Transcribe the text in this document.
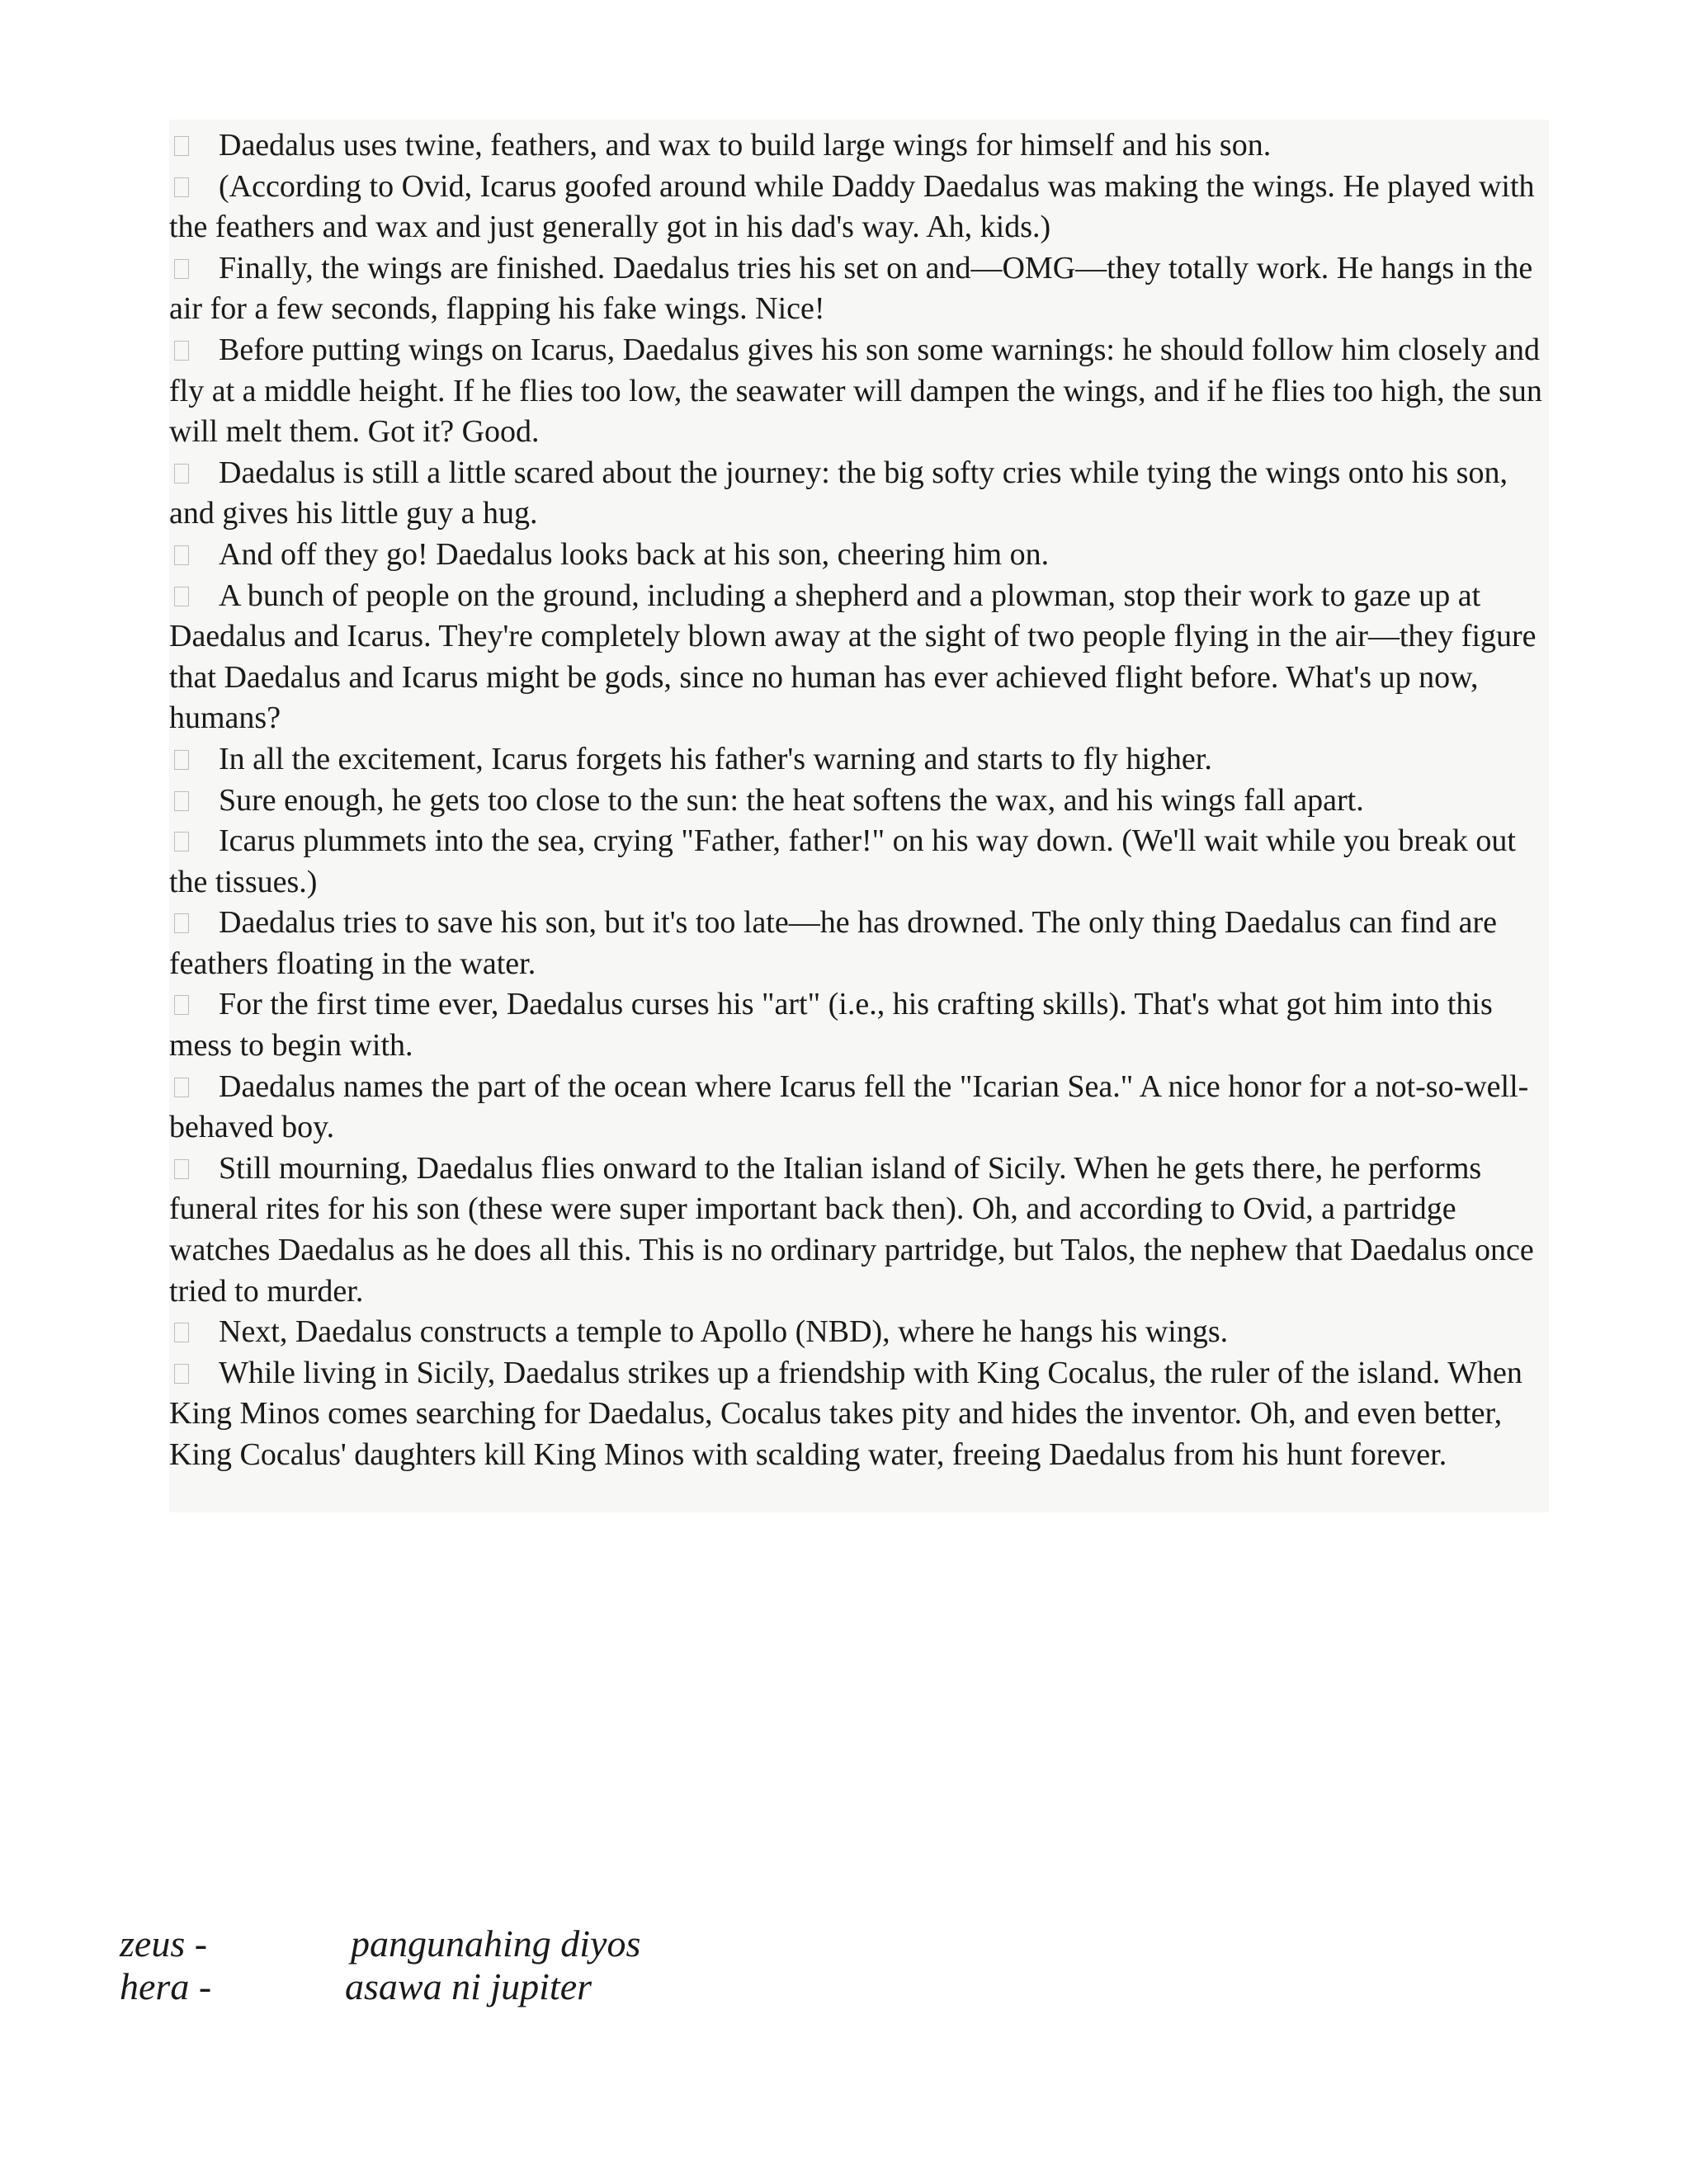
Daedalus uses twine, feathers, and wax to build large wings for himself and his son.
(According to Ovid, Icarus goofed around while Daddy Daedalus was making the wings. He played with the feathers and wax and just generally got in his dad's way. Ah, kids.)
Finally, the wings are finished. Daedalus tries his set on and—OMG—they totally work. He hangs in the air for a few seconds, flapping his fake wings. Nice!
Before putting wings on Icarus, Daedalus gives his son some warnings: he should follow him closely and fly at a middle height. If he flies too low, the seawater will dampen the wings, and if he flies too high, the sun will melt them. Got it? Good.
Daedalus is still a little scared about the journey: the big softy cries while tying the wings onto his son, and gives his little guy a hug.
And off they go! Daedalus looks back at his son, cheering him on.
A bunch of people on the ground, including a shepherd and a plowman, stop their work to gaze up at Daedalus and Icarus. They're completely blown away at the sight of two people flying in the air—they figure that Daedalus and Icarus might be gods, since no human has ever achieved flight before. What's up now, humans?
In all the excitement, Icarus forgets his father's warning and starts to fly higher.
Sure enough, he gets too close to the sun: the heat softens the wax, and his wings fall apart.
Icarus plummets into the sea, crying "Father, father!" on his way down. (We'll wait while you break out the tissues.)
Daedalus tries to save his son, but it's too late—he has drowned. The only thing Daedalus can find are feathers floating in the water.
For the first time ever, Daedalus curses his "art" (i.e., his crafting skills). That's what got him into this mess to begin with.
Daedalus names the part of the ocean where Icarus fell the "Icarian Sea." A nice honor for a not-so-well-behaved boy.
Still mourning, Daedalus flies onward to the Italian island of Sicily. When he gets there, he performs funeral rites for his son (these were super important back then). Oh, and according to Ovid, a partridge watches Daedalus as he does all this. This is no ordinary partridge, but Talos, the nephew that Daedalus once tried to murder.
Next, Daedalus constructs a temple to Apollo (NBD), where he hangs his wings.
While living in Sicily, Daedalus strikes up a friendship with King Cocalus, the ruler of the island. When King Minos comes searching for Daedalus, Cocalus takes pity and hides the inventor. Oh, and even better, King Cocalus' daughters kill King Minos with scalding water, freeing Daedalus from his hunt forever.
zeus -	pangunahing diyos
hera -	asawa ni jupiter
